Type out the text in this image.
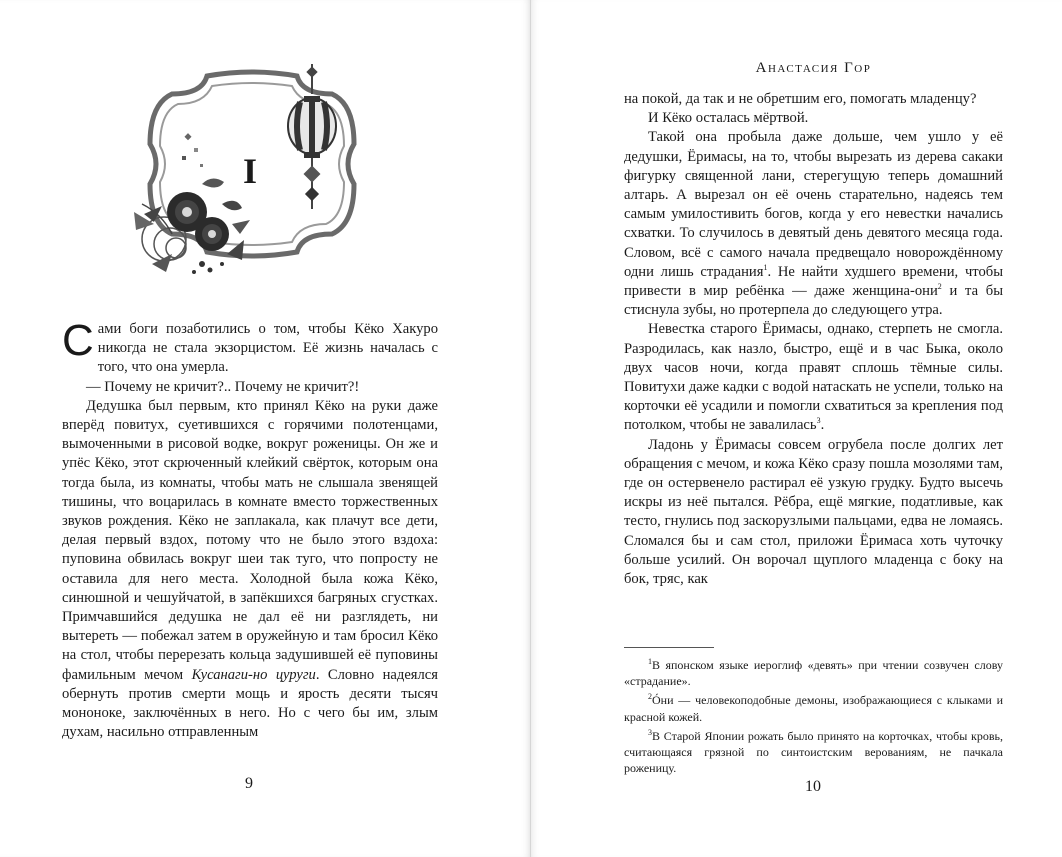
I

Сами боги позаботились о том, чтобы Кёко Хакуро никогда не стала экзорцистом. Её жизнь началась с того, что она умерла.

— Почему не кричит?.. Почему не кричит?!

Дедушка был первым, кто принял Кёко на руки даже вперёд повитух, суетившихся с горячими полотенцами, вымоченными в рисовой водке, вокруг роженицы. Он же и упёс Кёко, этот скрюченный клейкий свёрток, которым она тогда была, из комнаты, чтобы мать не слышала звенящей тишины, что воцарилась в комнате вместо торжественных звуков рождения. Кёко не заплакала, как плачут все дети, делая первый вздох, потому что не было этого вздоха: пуповина обвилась вокруг шеи так туго, что попросту не оставила для него места. Холодной была кожа Кёко, синюшной и чешуйчатой, в запёкшихся багряных сгустках. Примчавшийся дедушка не дал её ни разглядеть, ни вытереть — побежал затем в оружейную и там бросил Кёко на стол, чтобы перерезать кольца задушившей её пуповины фамильным мечом Кусанаги-но цуруги. Словно надеялся обернуть против смерти мощь и ярость десяти тысяч мононоке, заключённых в него. Но с чего бы им, злым духам, насильно отправленным

9
Анастасия Гор

на покой, да так и не обретшим его, помогать младенцу?

И Кёко осталась мёртвой.

Такой она пробыла даже дольше, чем ушло у её дедушки, Ёримасы, на то, чтобы вырезать из дерева сакаки фигурку священной лани, стерегущую теперь домашний алтарь. А вырезал он её очень старательно, надеясь тем самым умилостивить богов, когда у его невестки начались схватки. То случилось в девятый день девятого месяца года. Словом, всё с самого начала предвещало новорождённому одни лишь страдания$^1$. Не найти худшего времени, чтобы привести в мир ребёнка — даже женщина-они$^2$ и та бы стиснула зубы, но протерпела до следующего утра.

Невестка старого Ёримасы, однако, стерпеть не смогла. Разродилась, как назло, быстро, ещё и в час Быка, около двух часов ночи, когда правят сплошь тёмные силы. Повитухи даже кадки с водой натаскать не успели, только на корточки её усадили и помогли схватиться за крепления под потолком, чтобы не завалилась$^3$.

Ладонь у Ёримасы совсем огрубела после долгих лет обращения с мечом, и кожа Кёко сразу пошла мозолями там, где он остервенело растирал её узкую грудку. Будто высечь искры из неё пытался. Рёбра, ещё мягкие, податливые, как тесто, гнулись под заскорузлыми пальцами, едва не ломаясь. Сломался бы и сам стол, приложи Ёримаса хоть чуточку больше усилий. Он ворочал щуплого младенца с боку на бок, тряс, как

$^1$В японском языке иероглиф «девять» при чтении созвучен слову «страдание».

$^2$Óни — человекоподобные демоны, изображающиеся с клыками и красной кожей.

$^3$В Старой Японии рожать было принято на корточках, чтобы кровь, считающаяся грязной по синтоистским верованиям, не пачкала роженицу.

10
